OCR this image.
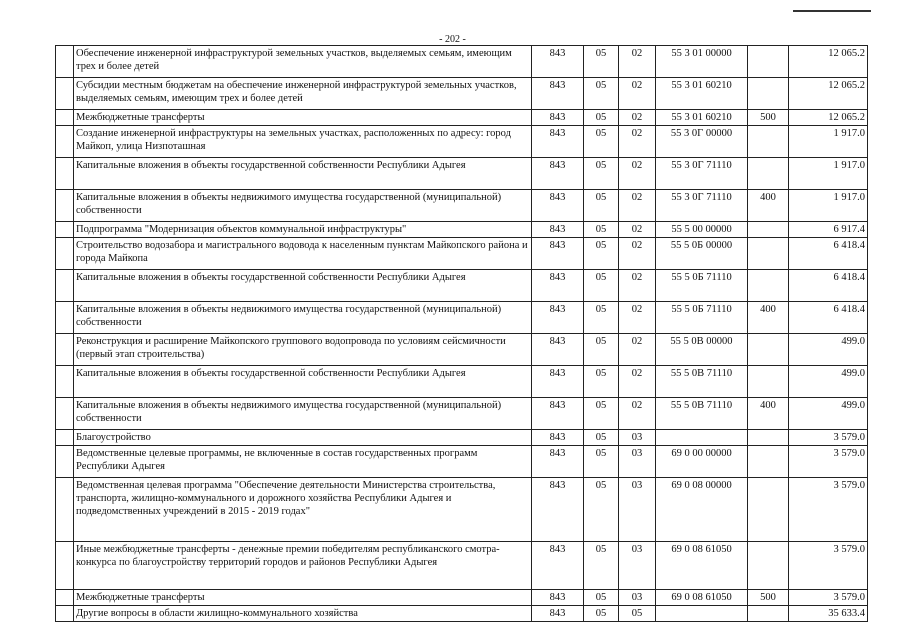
- 202 -
	Обеспечение инженерной инфраструктурой земельных участков, выделяемых семьям, имеющим трех и более детей	843	05	02	55 3 01 00000		12 065.2
	Субсидии местным бюджетам на обеспечение инженерной инфраструктурой земельных участков, выделяемых семьям, имеющим трех и более детей	843	05	02	55 3 01 60210		12 065.2
	Межбюджетные трансферты	843	05	02	55 3 01 60210	500	12 065.2
	Создание инженерной инфраструктуры на земельных участках, расположенных по адресу: город Майкоп, улица Низпоташная	843	05	02	55 3 0Г 00000		1 917.0
	Капитальные вложения в объекты государственной собственности Республики Адыгея	843	05	02	55 3 0Г 71110		1 917.0
	Капитальные вложения в объекты недвижимого имущества государственной (муниципальной) собственности	843	05	02	55 3 0Г 71110	400	1 917.0
	Подпрограмма "Модернизация объектов коммунальной инфраструктуры"	843	05	02	55 5 00 00000		6 917.4
	Строительство водозабора и магистрального водовода к населенным пунктам Майкопского района и города Майкопа	843	05	02	55 5 0Б 00000		6 418.4
	Капитальные вложения в объекты государственной собственности Республики Адыгея	843	05	02	55 5 0Б 71110		6 418.4
	Капитальные вложения в объекты недвижимого имущества государственной (муниципальной) собственности	843	05	02	55 5 0Б 71110	400	6 418.4
	Реконструкция и расширение Майкопского группового водопровода по условиям сейсмичности (первый этап строительства)	843	05	02	55 5 0В 00000		499.0
	Капитальные вложения в объекты государственной собственности Республики Адыгея	843	05	02	55 5 0В 71110		499.0
	Капитальные вложения в объекты недвижимого имущества государственной (муниципальной) собственности	843	05	02	55 5 0В 71110	400	499.0
	Благоустройство	843	05	03			3 579.0
	Ведомственные целевые программы, не включенные в состав государственных программ Республики Адыгея	843	05	03	69 0 00 00000		3 579.0
	Ведомственная целевая программа "Обеспечение деятельности Министерства строительства, транспорта, жилищно-коммунального и дорожного хозяйства Республики Адыгея и подведомственных учреждений в 2015 - 2019 годах"	843	05	03	69 0 08 00000		3 579.0
	Иные межбюджетные трансферты - денежные премии победителям республиканского смотра-конкурса по благоустройству территорий городов и районов Республики Адыгея	843	05	03	69 0 08 61050		3 579.0
	Межбюджетные трансферты	843	05	03	69 0 08 61050	500	3 579.0
	Другие вопросы в области жилищно-коммунального хозяйства	843	05	05			35 633.4
